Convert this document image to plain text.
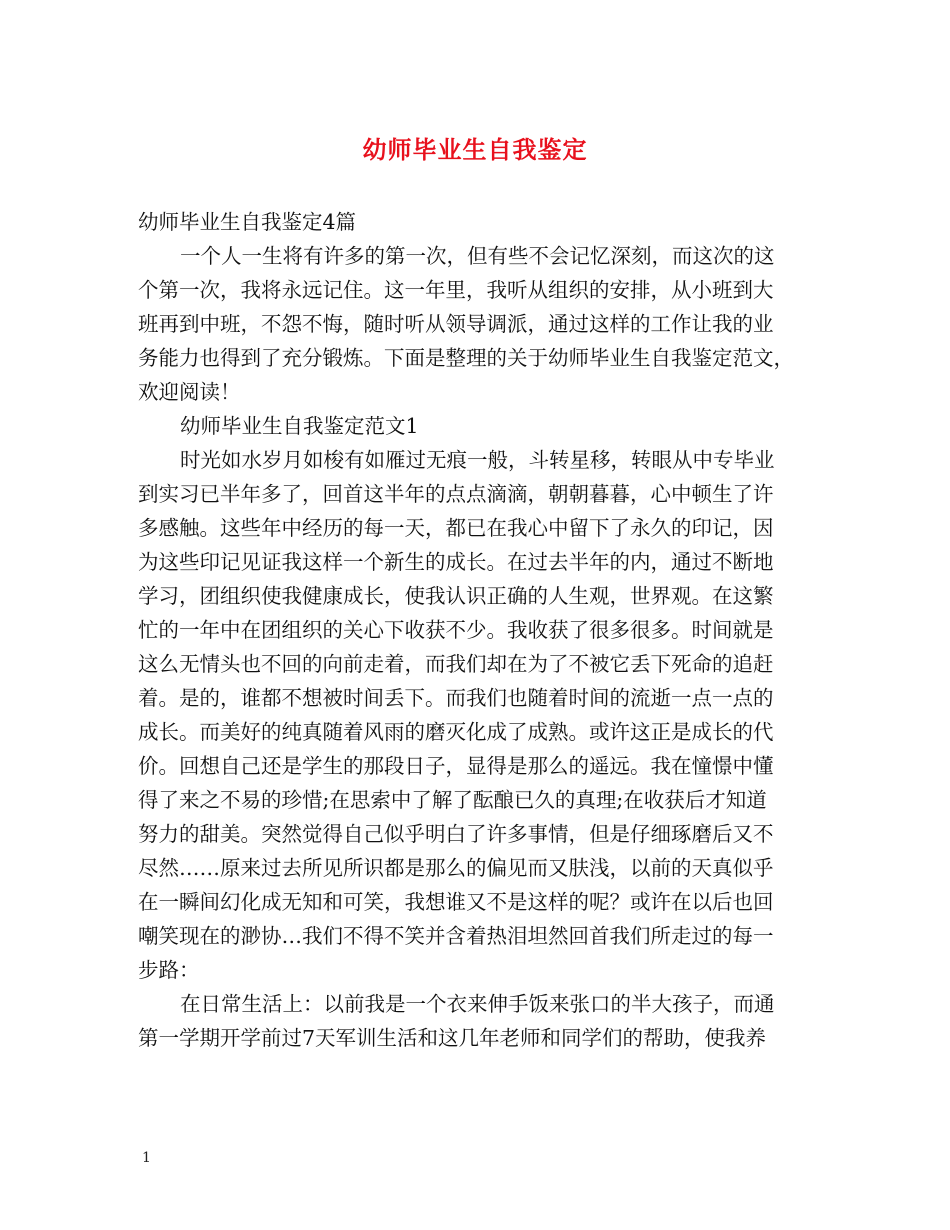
幼师毕业生自我鉴定
幼师毕业生自我鉴定4篇
一个人一生将有许多的第一次，但有些不会记忆深刻，而这次的这
个第一次，我将永远记住。这一年里，我听从组织的安排，从小班到大
班再到中班，不怨不悔，随时听从领导调派，通过这样的工作让我的业
务能力也得到了充分锻炼。下面是整理的关于幼师毕业生自我鉴定范文，
欢迎阅读！
幼师毕业生自我鉴定范文1
时光如水岁月如梭有如雁过无痕一般，斗转星移，转眼从中专毕业
到实习已半年多了，回首这半年的点点滴滴，朝朝暮暮，心中顿生了许
多感触。这些年中经历的每一天，都已在我心中留下了永久的印记，因
为这些印记见证我这样一个新生的成长。在过去半年的内，通过不断地
学习，团组织使我健康成长，使我认识正确的人生观，世界观。在这繁
忙的一年中在团组织的关心下收获不少。我收获了很多很多。时间就是
这么无情头也不回的向前走着，而我们却在为了不被它丢下死命的追赶
着。是的，谁都不想被时间丢下。而我们也随着时间的流逝一点一点的
成长。而美好的纯真随着风雨的磨灭化成了成熟。或许这正是成长的代
价。回想自己还是学生的那段日子，显得是那么的遥远。我在憧憬中懂
得了来之不易的珍惜;在思索中了解了酝酿已久的真理;在收获后才知道
努力的甜美。突然觉得自己似乎明白了许多事情，但是仔细琢磨后又不
尽然……原来过去所见所识都是那么的偏见而又肤浅，以前的天真似乎
在一瞬间幻化成无知和可笑，我想谁又不是这样的呢？或许在以后也回
嘲笑现在的渺协…我们不得不笑并含着热泪坦然回首我们所走过的每一
步路：
在日常生活上：以前我是一个衣来伸手饭来张口的半大孩子，而通
第一学期开学前过7天军训生活和这几年老师和同学们的帮助，使我养
1
